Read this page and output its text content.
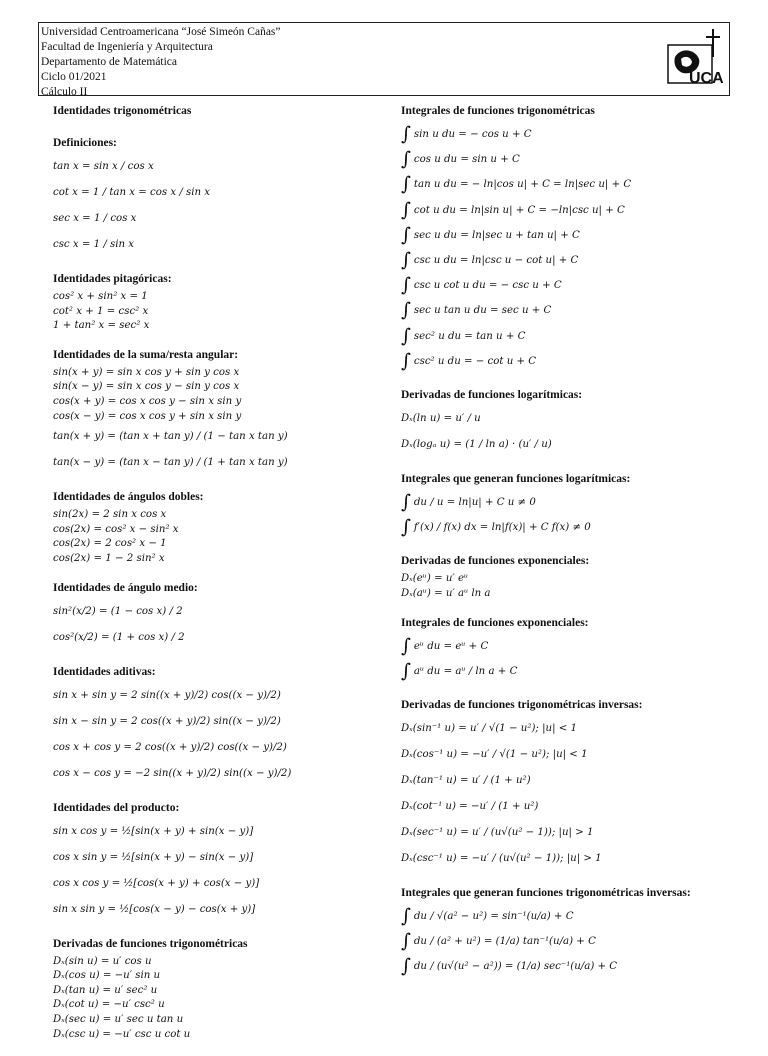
Universidad Centroamericana “José Simeón Cañas”
Facultad de Ingeniería y Arquitectura
Departamento de Matemática
Ciclo 01/2021
Cálculo II
UCA
Identidades trigonométricas
Definiciones:
tan x = sin x / cos x
cot x = 1 / tan x = cos x / sin x
sec x = 1 / cos x
csc x = 1 / sin x
Identidades pitagóricas:
cos² x + sin² x = 1
cot² x + 1 = csc² x
1 + tan² x = sec² x
Identidades de la suma/resta angular:
sin(x + y) = sin x cos y + sin y cos x
sin(x − y) = sin x cos y − sin y cos x
cos(x + y) = cos x cos y − sin x sin y
cos(x − y) = cos x cos y + sin x sin y
tan(x + y) = (tan x + tan y) / (1 − tan x tan y)
tan(x − y) = (tan x − tan y) / (1 + tan x tan y)
Identidades de ángulos dobles:
sin(2x) = 2 sin x cos x
cos(2x) = cos² x − sin² x
cos(2x) = 2 cos² x − 1
cos(2x) = 1 − 2 sin² x
Identidades de ángulo medio:
sin²(x/2) = (1 − cos x) / 2
cos²(x/2) = (1 + cos x) / 2
Identidades aditivas:
sin x + sin y = 2 sin((x + y)/2) cos((x − y)/2)
sin x − sin y = 2 cos((x + y)/2) sin((x − y)/2)
cos x + cos y = 2 cos((x + y)/2) cos((x − y)/2)
cos x − cos y = −2 sin((x + y)/2) sin((x − y)/2)
Identidades del producto:
sin x cos y = ½[sin(x + y) + sin(x − y)]
cos x sin y = ½[sin(x + y) − sin(x − y)]
cos x cos y = ½[cos(x + y) + cos(x − y)]
sin x sin y = ½[cos(x − y) − cos(x + y)]
Derivadas de funciones trigonométricas
Dₓ(sin u) = u′ cos u
Dₓ(cos u) = −u′ sin u
Dₓ(tan u) = u′ sec² u
Dₓ(cot u) = −u′ csc² u
Dₓ(sec u) = u′ sec u tan u
Dₓ(csc u) = −u′ csc u cot u
Integrales de funciones trigonométricas
∫ sin u du = − cos u + C
∫ cos u du = sin u + C
∫ tan u du = − ln|cos u| + C = ln|sec u| + C
∫ cot u du = ln|sin u| + C = −ln|csc u| + C
∫ sec u du = ln|sec u + tan u| + C
∫ csc u du = ln|csc u − cot u| + C
∫ csc u cot u du = − csc u + C
∫ sec u tan u du = sec u + C
∫ sec² u du = tan u + C
∫ csc² u du = − cot u + C
Derivadas de funciones logarítmicas:
Dₓ(ln u) = u′ / u
Dₓ(logₐ u) = (1 / ln a) · (u′ / u)
Integrales que generan funciones logarítmicas:
∫ du / u = ln|u| + C u ≠ 0
∫ f′(x) / f(x) dx = ln|f(x)| + C f(x) ≠ 0
Derivadas de funciones exponenciales:
Dₓ(eᵘ) = u′ eᵘ
Dₓ(aᵘ) = u′ aᵘ ln a
Integrales de funciones exponenciales:
∫ eᵘ du = eᵘ + C
∫ aᵘ du = aᵘ / ln a + C
Derivadas de funciones trigonométricas inversas:
Dₓ(sin⁻¹ u) = u′ / √(1 − u²); |u| < 1
Dₓ(cos⁻¹ u) = −u′ / √(1 − u²); |u| < 1
Dₓ(tan⁻¹ u) = u′ / (1 + u²)
Dₓ(cot⁻¹ u) = −u′ / (1 + u²)
Dₓ(sec⁻¹ u) = u′ / (u√(u² − 1)); |u| > 1
Dₓ(csc⁻¹ u) = −u′ / (u√(u² − 1)); |u| > 1
Integrales que generan funciones trigonométricas inversas:
∫ du / √(a² − u²) = sin⁻¹(u/a) + C
∫ du / (a² + u²) = (1/a) tan⁻¹(u/a) + C
∫ du / (u√(u² − a²)) = (1/a) sec⁻¹(u/a) + C
